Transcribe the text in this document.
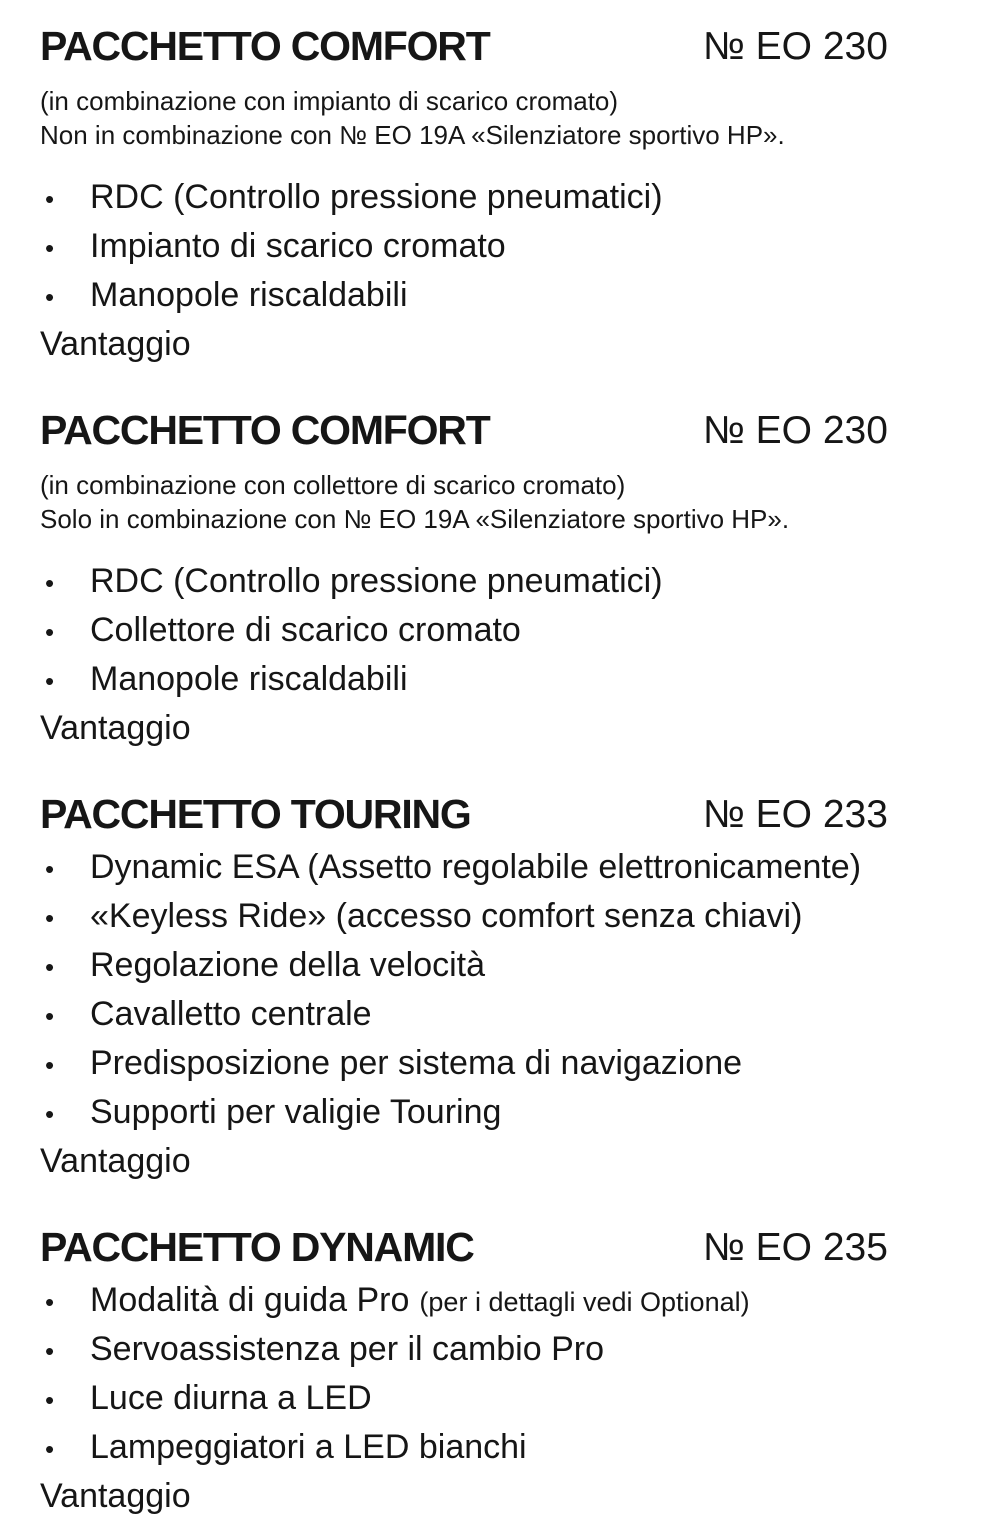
PACCHETTO COMFORT	№ EO 230

(in combinazione con impianto di scarico cromato)

Non in combinazione con № EO 19A «Silenziatore sportivo HP».

•	RDC (Controllo pressione pneumatici)
•	Impianto di scarico cromato
•	Manopole riscaldabili

Vantaggio

PACCHETTO COMFORT	№ EO 230

(in combinazione con collettore di scarico cromato)

Solo in combinazione con № EO 19A «Silenziatore sportivo HP».

•	RDC (Controllo pressione pneumatici)
•	Collettore di scarico cromato
•	Manopole riscaldabili

Vantaggio

PACCHETTO TOURING	№ EO 233
•	Dynamic ESA (Assetto regolabile elettronicamente)
•	«Keyless Ride» (accesso comfort senza chiavi)
•	Regolazione della velocità
•	Cavalletto centrale
•	Predisposizione per sistema di navigazione
•	Supporti per valigie Touring

Vantaggio

PACCHETTO DYNAMIC	№ EO 235
•	Modalità di guida Pro (per i dettagli vedi Optional)
•	Servoassistenza per il cambio Pro
•	Luce diurna a LED
•	Lampeggiatori a LED bianchi

Vantaggio
